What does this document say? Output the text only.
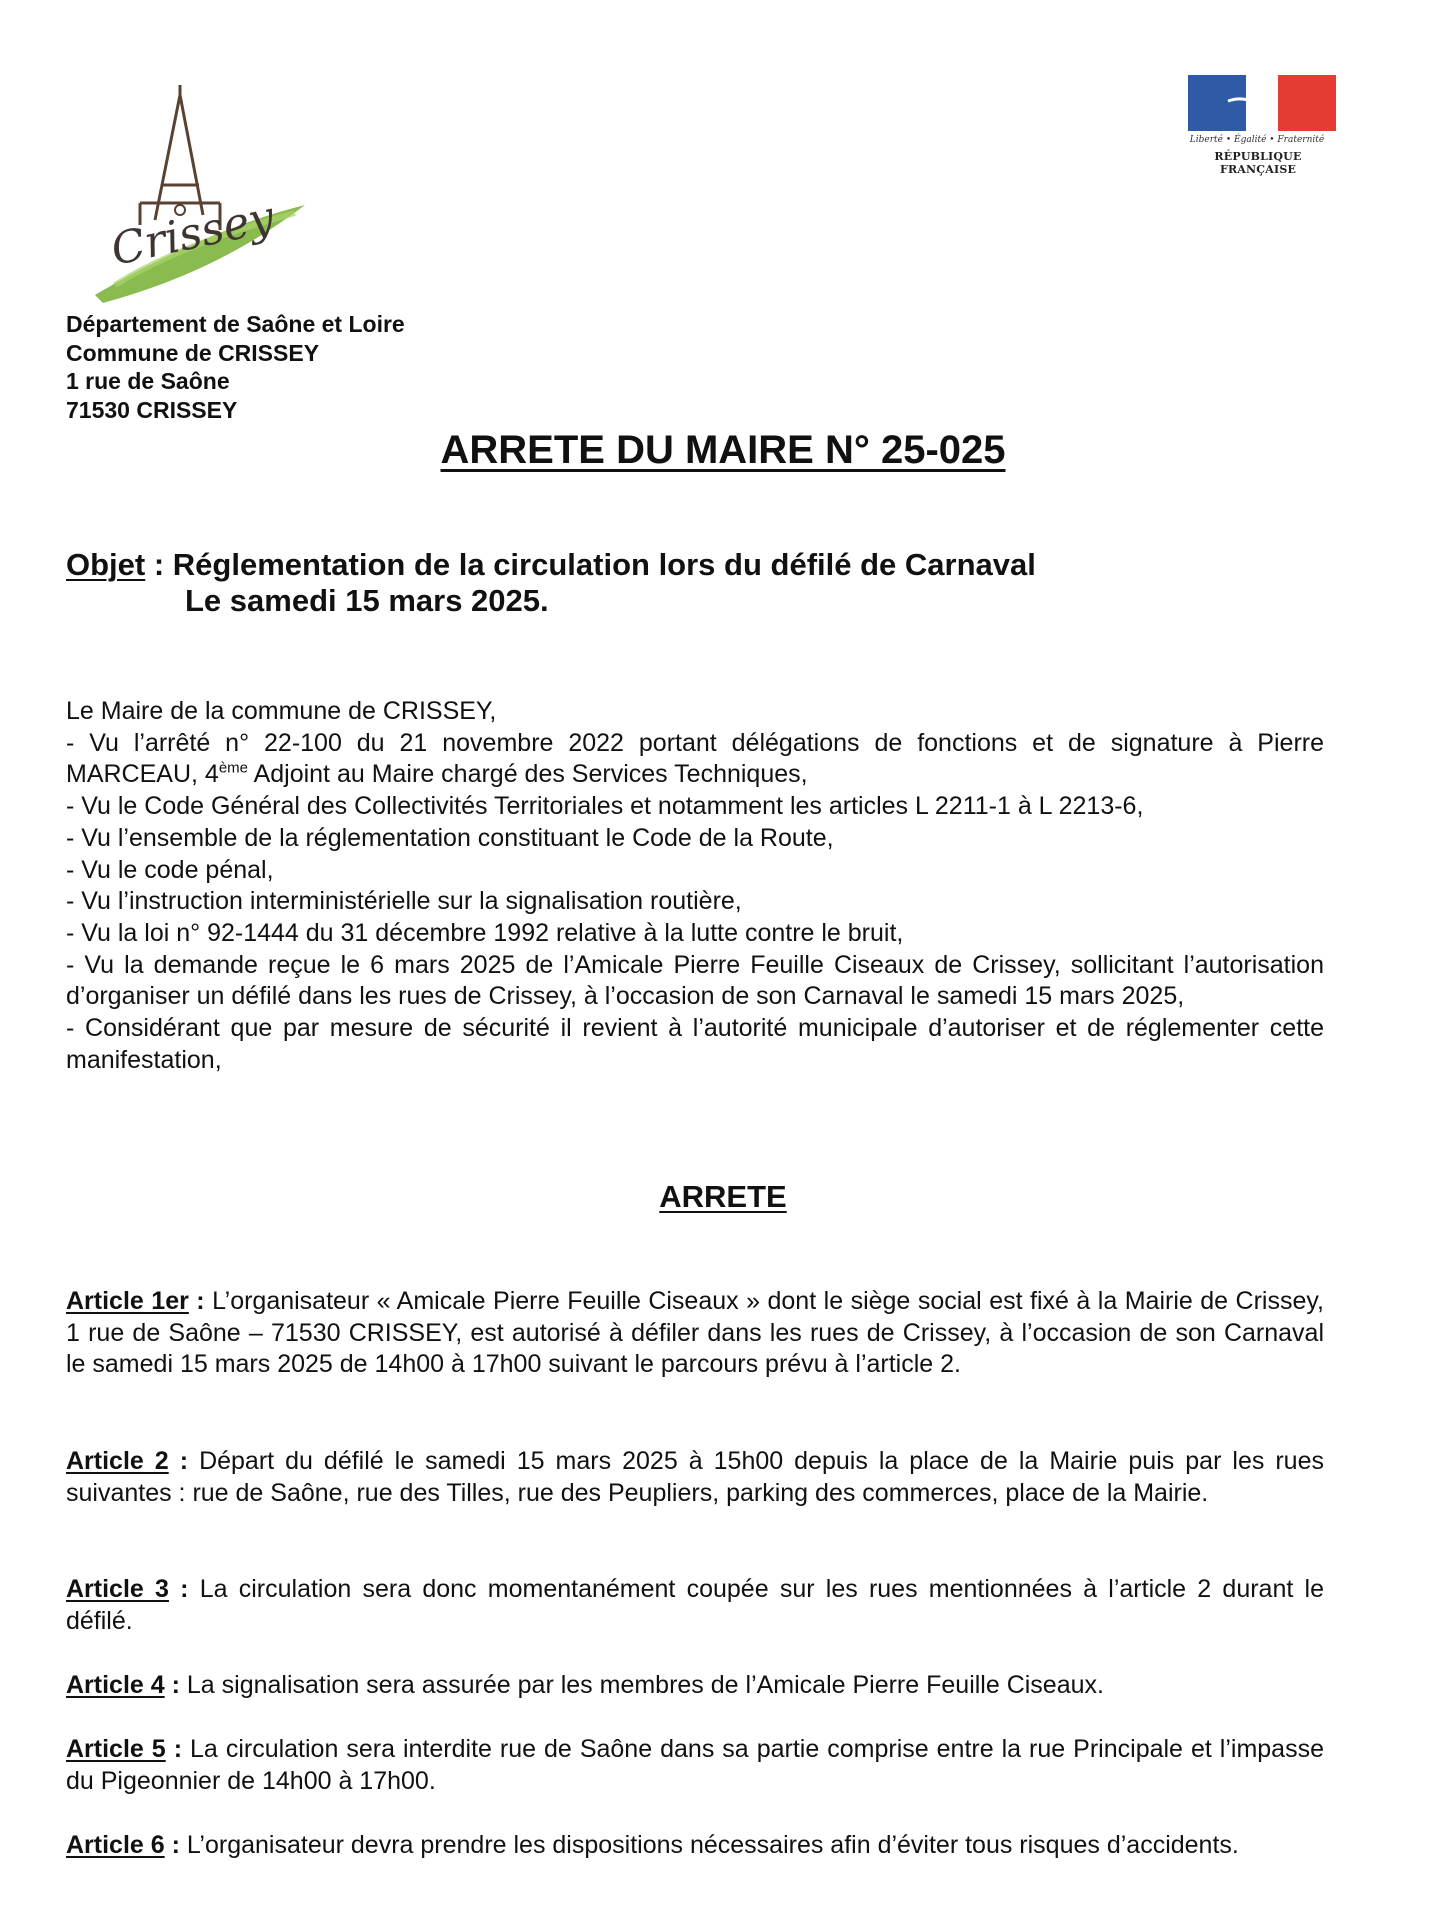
Crissey
Liberté • Égalité • Fraternité
RÉPUBLIQUE FRANÇAISE
Département de Saône et Loire
Commune de CRISSEY
1 rue de Saône
71530 CRISSEY
ARRETE DU MAIRE N° 25-025
Objet : Réglementation de la circulation lors du défilé de Carnaval
Le samedi 15 mars 2025.

Le Maire de la commune de CRISSEY,

- Vu l’arrêté n° 22-100 du 21 novembre 2022 portant délégations de fonctions et de signature à Pierre MARCEAU, 4ème Adjoint au Maire chargé des Services Techniques,

- Vu le Code Général des Collectivités Territoriales et notamment les articles L 2211-1 à L 2213-6,

- Vu l’ensemble de la réglementation constituant le Code de la Route,

- Vu le code pénal,

- Vu l’instruction interministérielle sur la signalisation routière,

- Vu la loi n° 92-1444 du 31 décembre 1992 relative à la lutte contre le bruit,

- Vu la demande reçue le 6 mars 2025 de l’Amicale Pierre Feuille Ciseaux de Crissey, sollicitant l’autorisation d’organiser un défilé dans les rues de Crissey, à l’occasion de son Carnaval le samedi 15 mars 2025,

- Considérant que par mesure de sécurité il revient à l’autorité municipale d’autoriser et de réglementer cette manifestation,

ARRETE

Article 1er : L’organisateur « Amicale Pierre Feuille Ciseaux » dont le siège social est fixé à la Mairie de Crissey, 1 rue de Saône – 71530 CRISSEY, est autorisé à défiler dans les rues de Crissey, à l’occasion de son Carnaval le samedi 15 mars 2025 de 14h00 à 17h00 suivant le parcours prévu à l’article 2.

Article 2 : Départ du défilé le samedi 15 mars 2025 à 15h00 depuis la place de la Mairie puis par les rues suivantes : rue de Saône, rue des Tilles, rue des Peupliers, parking des commerces, place de la Mairie.

Article 3 : La circulation sera donc momentanément coupée sur les rues mentionnées à l’article 2 durant le défilé.

Article 4 : La signalisation sera assurée par les membres de l’Amicale Pierre Feuille Ciseaux.

Article 5 : La circulation sera interdite rue de Saône dans sa partie comprise entre la rue Principale et l’impasse du Pigeonnier de 14h00 à 17h00.

Article 6 : L’organisateur devra prendre les dispositions nécessaires afin d’éviter tous risques d’accidents.
